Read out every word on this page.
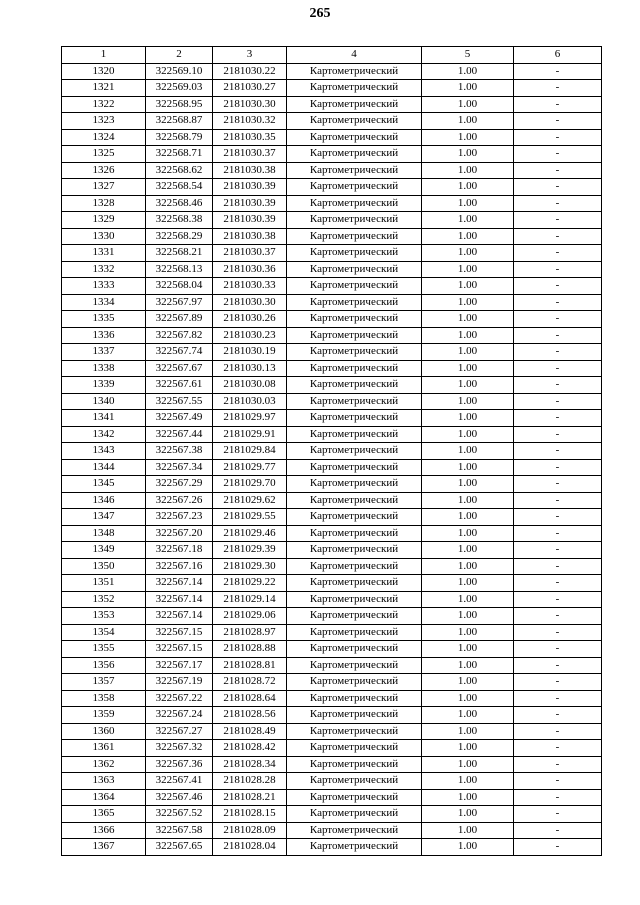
265
1	2	3	4	5	6
1320	322569.10	2181030.22	Картометрический	1.00	-
1321	322569.03	2181030.27	Картометрический	1.00	-
1322	322568.95	2181030.30	Картометрический	1.00	-
1323	322568.87	2181030.32	Картометрический	1.00	-
1324	322568.79	2181030.35	Картометрический	1.00	-
1325	322568.71	2181030.37	Картометрический	1.00	-
1326	322568.62	2181030.38	Картометрический	1.00	-
1327	322568.54	2181030.39	Картометрический	1.00	-
1328	322568.46	2181030.39	Картометрический	1.00	-
1329	322568.38	2181030.39	Картометрический	1.00	-
1330	322568.29	2181030.38	Картометрический	1.00	-
1331	322568.21	2181030.37	Картометрический	1.00	-
1332	322568.13	2181030.36	Картометрический	1.00	-
1333	322568.04	2181030.33	Картометрический	1.00	-
1334	322567.97	2181030.30	Картометрический	1.00	-
1335	322567.89	2181030.26	Картометрический	1.00	-
1336	322567.82	2181030.23	Картометрический	1.00	-
1337	322567.74	2181030.19	Картометрический	1.00	-
1338	322567.67	2181030.13	Картометрический	1.00	-
1339	322567.61	2181030.08	Картометрический	1.00	-
1340	322567.55	2181030.03	Картометрический	1.00	-
1341	322567.49	2181029.97	Картометрический	1.00	-
1342	322567.44	2181029.91	Картометрический	1.00	-
1343	322567.38	2181029.84	Картометрический	1.00	-
1344	322567.34	2181029.77	Картометрический	1.00	-
1345	322567.29	2181029.70	Картометрический	1.00	-
1346	322567.26	2181029.62	Картометрический	1.00	-
1347	322567.23	2181029.55	Картометрический	1.00	-
1348	322567.20	2181029.46	Картометрический	1.00	-
1349	322567.18	2181029.39	Картометрический	1.00	-
1350	322567.16	2181029.30	Картометрический	1.00	-
1351	322567.14	2181029.22	Картометрический	1.00	-
1352	322567.14	2181029.14	Картометрический	1.00	-
1353	322567.14	2181029.06	Картометрический	1.00	-
1354	322567.15	2181028.97	Картометрический	1.00	-
1355	322567.15	2181028.88	Картометрический	1.00	-
1356	322567.17	2181028.81	Картометрический	1.00	-
1357	322567.19	2181028.72	Картометрический	1.00	-
1358	322567.22	2181028.64	Картометрический	1.00	-
1359	322567.24	2181028.56	Картометрический	1.00	-
1360	322567.27	2181028.49	Картометрический	1.00	-
1361	322567.32	2181028.42	Картометрический	1.00	-
1362	322567.36	2181028.34	Картометрический	1.00	-
1363	322567.41	2181028.28	Картометрический	1.00	-
1364	322567.46	2181028.21	Картометрический	1.00	-
1365	322567.52	2181028.15	Картометрический	1.00	-
1366	322567.58	2181028.09	Картометрический	1.00	-
1367	322567.65	2181028.04	Картометрический	1.00	-
